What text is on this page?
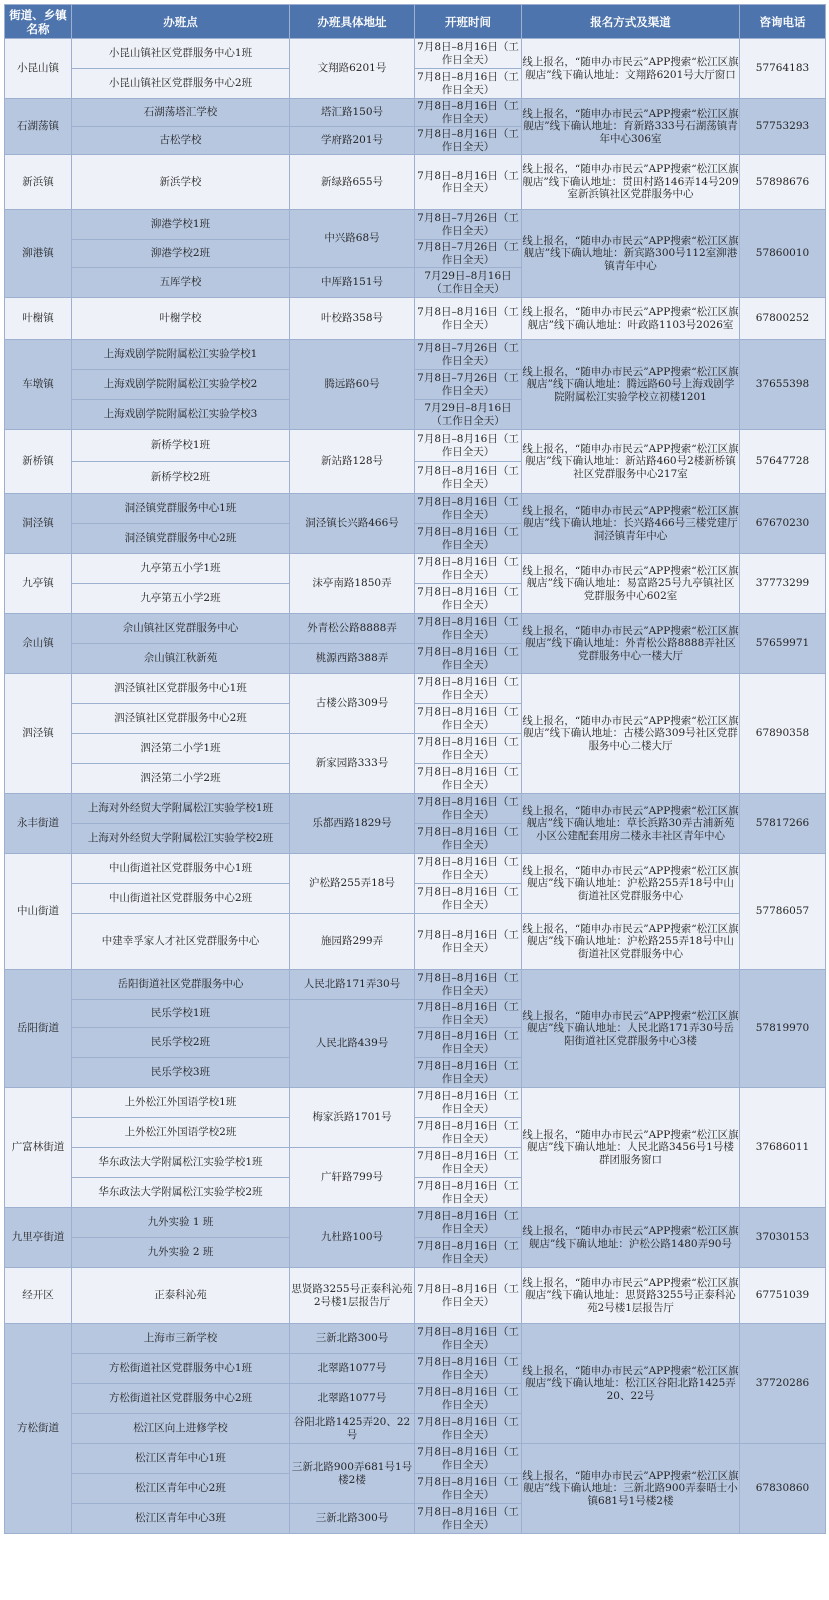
街道、乡镇名称	办班点	办班具体地址	开班时间	报名方式及渠道	咨询电话
小昆山镇	小昆山镇社区党群服务中心1班	文翔路6201号	7月8日–8月16日（工作日全天）	线上报名，“随申办市民云”APP搜索“松江区旗舰店”线下确认地址：文翔路6201号大厅窗口	57764183
	小昆山镇社区党群服务中心2班		7月8日–8月16日（工作日全天）		
石湖荡镇	石湖荡塔汇学校	塔汇路150号	7月8日–8月16日（工作日全天）	线上报名，“随申办市民云”APP搜索“松江区旗舰店”线下确认地址：育新路333号石湖荡镇青年中心306室	57753293
	古松学校	学府路201号	7月8日–8月16日（工作日全天）		
新浜镇	新浜学校	新绿路655号	7月8日–8月16日（工作日全天）	线上报名，“随申办市民云”APP搜索“松江区旗舰店”线下确认地址：贯田村路146弄14号209室新浜镇社区党群服务中心	57898676
泖港镇	泖港学校1班	中兴路68号	7月8日–7月26日（工作日全天）	线上报名，“随申办市民云”APP搜索“松江区旗舰店”线下确认地址：新宾路300号112室泖港镇青年中心	57860010
	泖港学校2班		7月8日–7月26日（工作日全天）		
	五厍学校	中厍路151号	7月29日–8月16日（工作日全天）		
叶榭镇	叶榭学校	叶校路358号	7月8日–8月16日（工作日全天）	线上报名，“随申办市民云”APP搜索“松江区旗舰店”线下确认地址：叶政路1103号2026室	67800252
车墩镇	上海戏剧学院附属松江实验学校1	腾远路60号	7月8日–7月26日（工作日全天）	线上报名，“随申办市民云”APP搜索“松江区旗舰店”线下确认地址：腾远路60号上海戏剧学院附属松江实验学校立初楼1201	37655398
	上海戏剧学院附属松江实验学校2		7月8日–7月26日（工作日全天）		
	上海戏剧学院附属松江实验学校3		7月29日–8月16日（工作日全天）		
新桥镇	新桥学校1班	新站路128号	7月8日–8月16日（工作日全天）	线上报名，“随申办市民云”APP搜索“松江区旗舰店”线下确认地址：新站路460号2楼新桥镇社区党群服务中心217室	57647728
	新桥学校2班		7月8日–8月16日（工作日全天）		
洞泾镇	洞泾镇党群服务中心1班	洞泾镇长兴路466号	7月8日–8月16日（工作日全天）	线上报名，“随申办市民云”APP搜索“松江区旗舰店”线下确认地址：长兴路466号三楼党建厅洞泾镇青年中心	67670230
	洞泾镇党群服务中心2班		7月8日–8月16日（工作日全天）		
九亭镇	九亭第五小学1班	沫亭南路1850弄	7月8日–8月16日（工作日全天）	线上报名，“随申办市民云”APP搜索“松江区旗舰店”线下确认地址：易富路25号九亭镇社区党群服务中心602室	37773299
	九亭第五小学2班		7月8日–8月16日（工作日全天）		
佘山镇	佘山镇社区党群服务中心	外青松公路8888弄	7月8日–8月16日（工作日全天）	线上报名，“随申办市民云”APP搜索“松江区旗舰店”线下确认地址：外青松公路8888弄社区党群服务中心一楼大厅	57659971
	佘山镇江秋新苑	桃源西路388弄	7月8日–8月16日（工作日全天）		
泗泾镇	泗泾镇社区党群服务中心1班	古楼公路309号	7月8日–8月16日（工作日全天）	线上报名，“随申办市民云”APP搜索“松江区旗舰店”线下确认地址：古楼公路309号社区党群服务中心二楼大厅	67890358
	泗泾镇社区党群服务中心2班		7月8日–8月16日（工作日全天）		
	泗泾第二小学1班	新家园路333号	7月8日–8月16日（工作日全天）		
	泗泾第二小学2班		7月8日–8月16日（工作日全天）		
永丰街道	上海对外经贸大学附属松江实验学校1班	乐都西路1829号	7月8日–8月16日（工作日全天）	线上报名，“随申办市民云”APP搜索“松江区旗舰店”线下确认地址：草长浜路30弄古浦新苑小区公建配套用房二楼永丰社区青年中心	57817266
	上海对外经贸大学附属松江实验学校2班		7月8日–8月16日（工作日全天）		
中山街道	中山街道社区党群服务中心1班	沪松路255弄18号	7月8日–8月16日（工作日全天）	线上报名，“随申办市民云”APP搜索“松江区旗舰店”线下确认地址：沪松路255弄18号中山街道社区党群服务中心	57786057
	中山街道社区党群服务中心2班		7月8日–8月16日（工作日全天）		
	中建幸孚家人才社区党群服务中心	施园路299弄	7月8日–8月16日（工作日全天）	线上报名，“随申办市民云”APP搜索“松江区旗舰店”线下确认地址：沪松路255弄18号中山街道社区党群服务中心	
岳阳街道	岳阳街道社区党群服务中心	人民北路171弄30号	7月8日–8月16日（工作日全天）	线上报名，“随申办市民云”APP搜索“松江区旗舰店”线下确认地址：人民北路171弄30号岳阳街道社区党群服务中心3楼	57819970
	民乐学校1班	人民北路439号	7月8日–8月16日（工作日全天）		
	民乐学校2班		7月8日–8月16日（工作日全天）		
	民乐学校3班		7月8日–8月16日（工作日全天）		
广富林街道	上外松江外国语学校1班	梅家浜路1701号	7月8日–8月16日（工作日全天）	线上报名，“随申办市民云”APP搜索“松江区旗舰店”线下确认地址：人民北路3456号1号楼群团服务窗口	37686011
	上外松江外国语学校2班		7月8日–8月16日（工作日全天）		
	华东政法大学附属松江实验学校1班	广轩路799号	7月8日–8月16日（工作日全天）		
	华东政法大学附属松江实验学校2班		7月8日–8月16日（工作日全天）		
九里亭街道	九外实验 1 班	九杜路100号	7月8日–8月16日（工作日全天）	线上报名，“随申办市民云”APP搜索“松江区旗舰店”线下确认地址：沪松公路1480弄90号	37030153
	九外实验 2 班		7月8日–8月16日（工作日全天）		
经开区	正泰科沁苑	思贤路3255号正泰科沁苑2号楼1层报告厅	7月8日–8月16日（工作日全天）	线上报名，“随申办市民云”APP搜索“松江区旗舰店”线下确认地址：思贤路3255号正泰科沁苑2号楼1层报告厅	67751039
方松街道	上海市三新学校	三新北路300号	7月8日–8月16日（工作日全天）	线上报名，“随申办市民云”APP搜索“松江区旗舰店”线下确认地址：松江区谷阳北路1425弄20、22号	37720286
	方松街道社区党群服务中心1班	北翠路1077号	7月8日–8月16日（工作日全天）		
	方松街道社区党群服务中心2班	北翠路1077号	7月8日–8月16日（工作日全天）		
	松江区向上进修学校	谷阳北路1425弄20、22号	7月8日–8月16日（工作日全天）		
	松江区青年中心1班	三新北路900弄681号1号楼2楼	7月8日–8月16日（工作日全天）	线上报名，“随申办市民云”APP搜索“松江区旗舰店”线下确认地址：三新北路900弄泰晤士小镇681号1号楼2楼	67830860
	松江区青年中心2班		7月8日–8月16日（工作日全天）		
	松江区青年中心3班	三新北路300号	7月8日–8月16日（工作日全天）		
